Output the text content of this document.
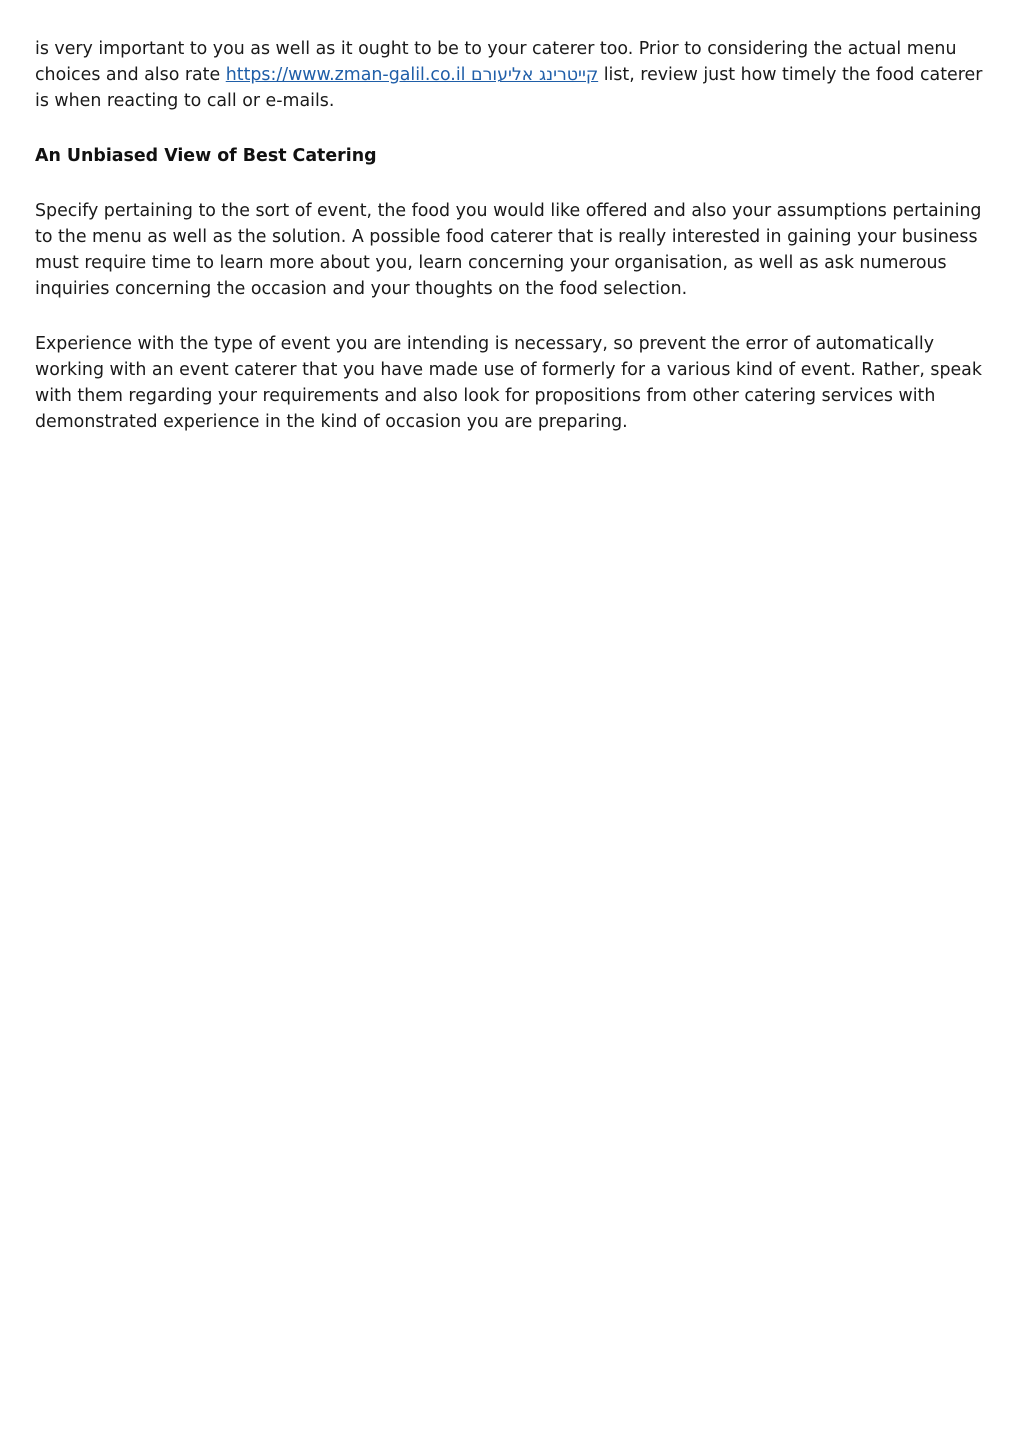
is very important to you as well as it ought to be to your caterer too. Prior to considering the actual menu choices and also rate https://www.zman-galil.co.il קייטרינג אליעורם list, review just how timely the food caterer is when reacting to call or e-mails.

An Unbiased View of Best Catering

Specify pertaining to the sort of event, the food you would like offered and also your assumptions pertaining to the menu as well as the solution. A possible food caterer that is really interested in gaining your business must require time to learn more about you, learn concerning your organisation, as well as ask numerous inquiries concerning the occasion and your thoughts on the food selection.

Experience with the type of event you are intending is necessary, so prevent the error of automatically working with an event caterer that you have made use of formerly for a various kind of event. Rather, speak with them regarding your requirements and also look for propositions from other catering services with demonstrated experience in the kind of occasion you are preparing.
